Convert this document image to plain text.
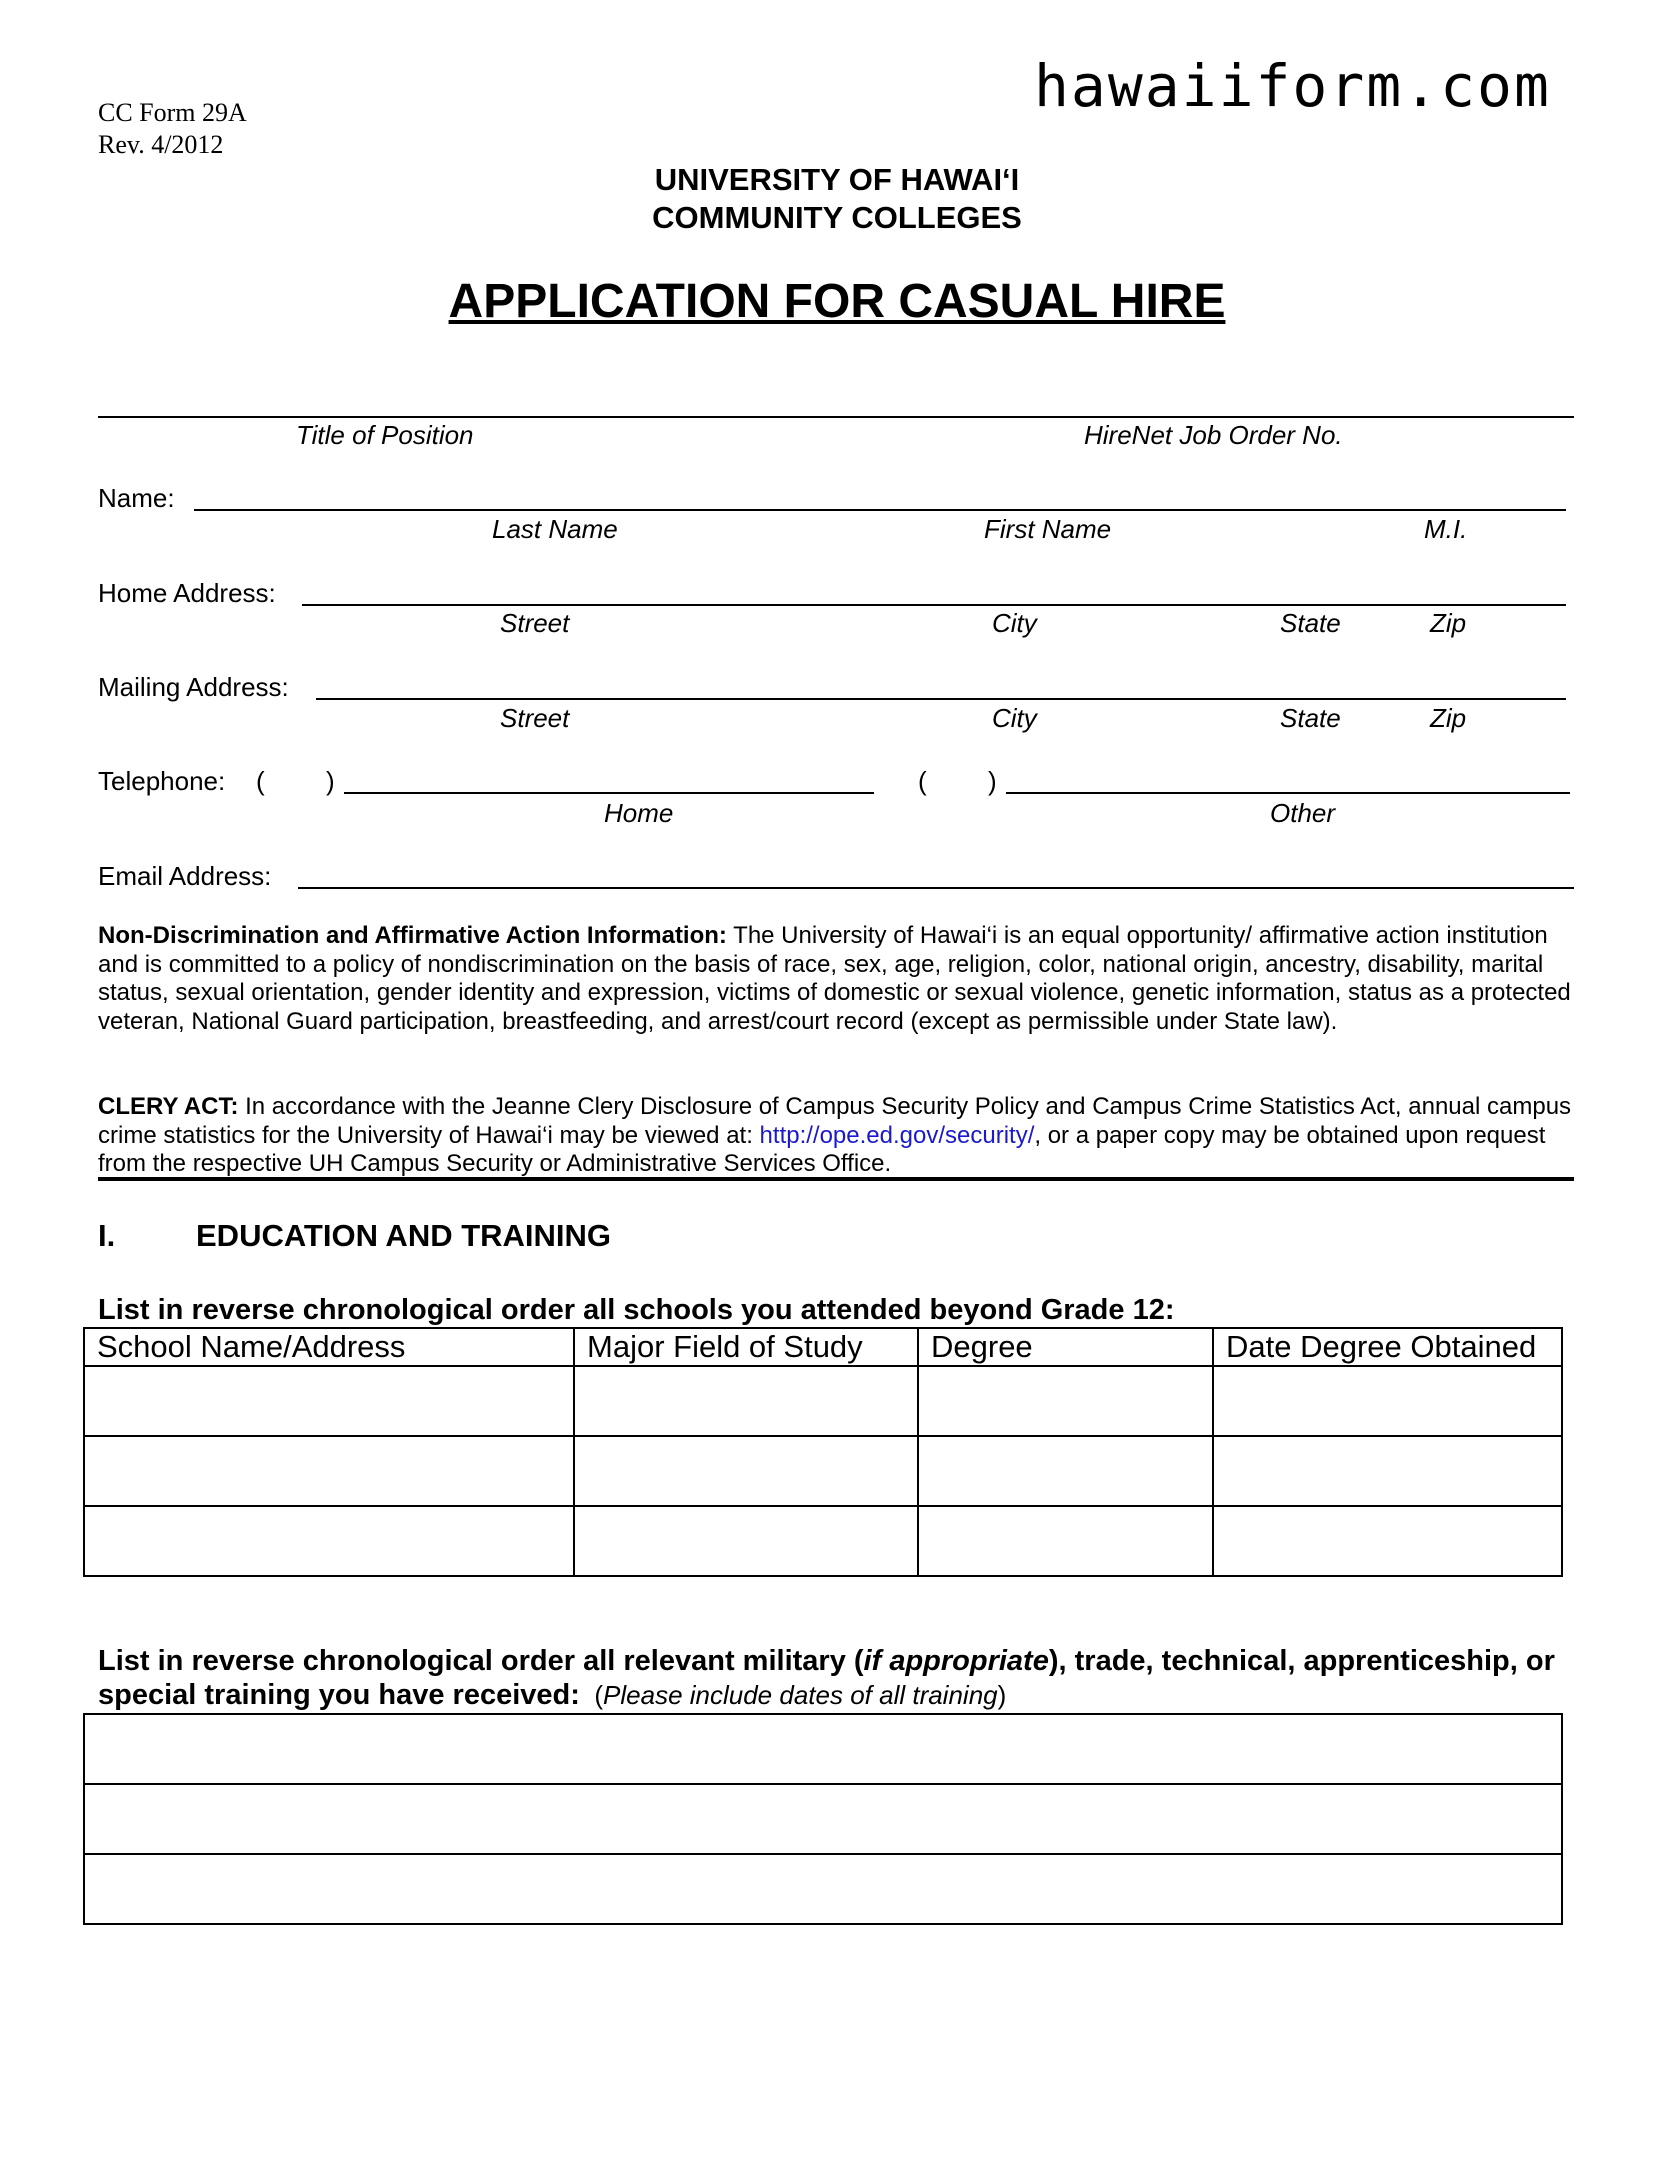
hawaiiform.com
CC Form 29A
Rev. 4/2012
UNIVERSITY OF HAWAI‘I
COMMUNITY COLLEGES
APPLICATION FOR CASUAL HIRE
Title of Position	HireNet Job Order No.
Name:
Last Name	First Name	M.I.
Home Address:
Street	City	State	Zip
Mailing Address:
Street	City	State	Zip
Telephone: ( )	( )
Home	Other
Email Address:
Non-Discrimination and Affirmative Action Information: The University of Hawai‘i is an equal opportunity/ affirmative action institution and is committed to a policy of nondiscrimination on the basis of race, sex, age, religion, color, national origin, ancestry, disability, marital status, sexual orientation, gender identity and expression, victims of domestic or sexual violence, genetic information, status as a protected veteran, National Guard participation, breastfeeding, and arrest/court record (except as permissible under State law).
CLERY ACT: In accordance with the Jeanne Clery Disclosure of Campus Security Policy and Campus Crime Statistics Act, annual campus crime statistics for the University of Hawai‘i may be viewed at: http://ope.ed.gov/security/, or a paper copy may be obtained upon request from the respective UH Campus Security or Administrative Services Office.
I.	EDUCATION AND TRAINING
List in reverse chronological order all schools you attended beyond Grade 12:
School Name/Address	Major Field of Study	Degree	Date Degree Obtained

List in reverse chronological order all relevant military (if appropriate), trade, technical, apprenticeship, or special training you have received:  (Please include dates of all training)
